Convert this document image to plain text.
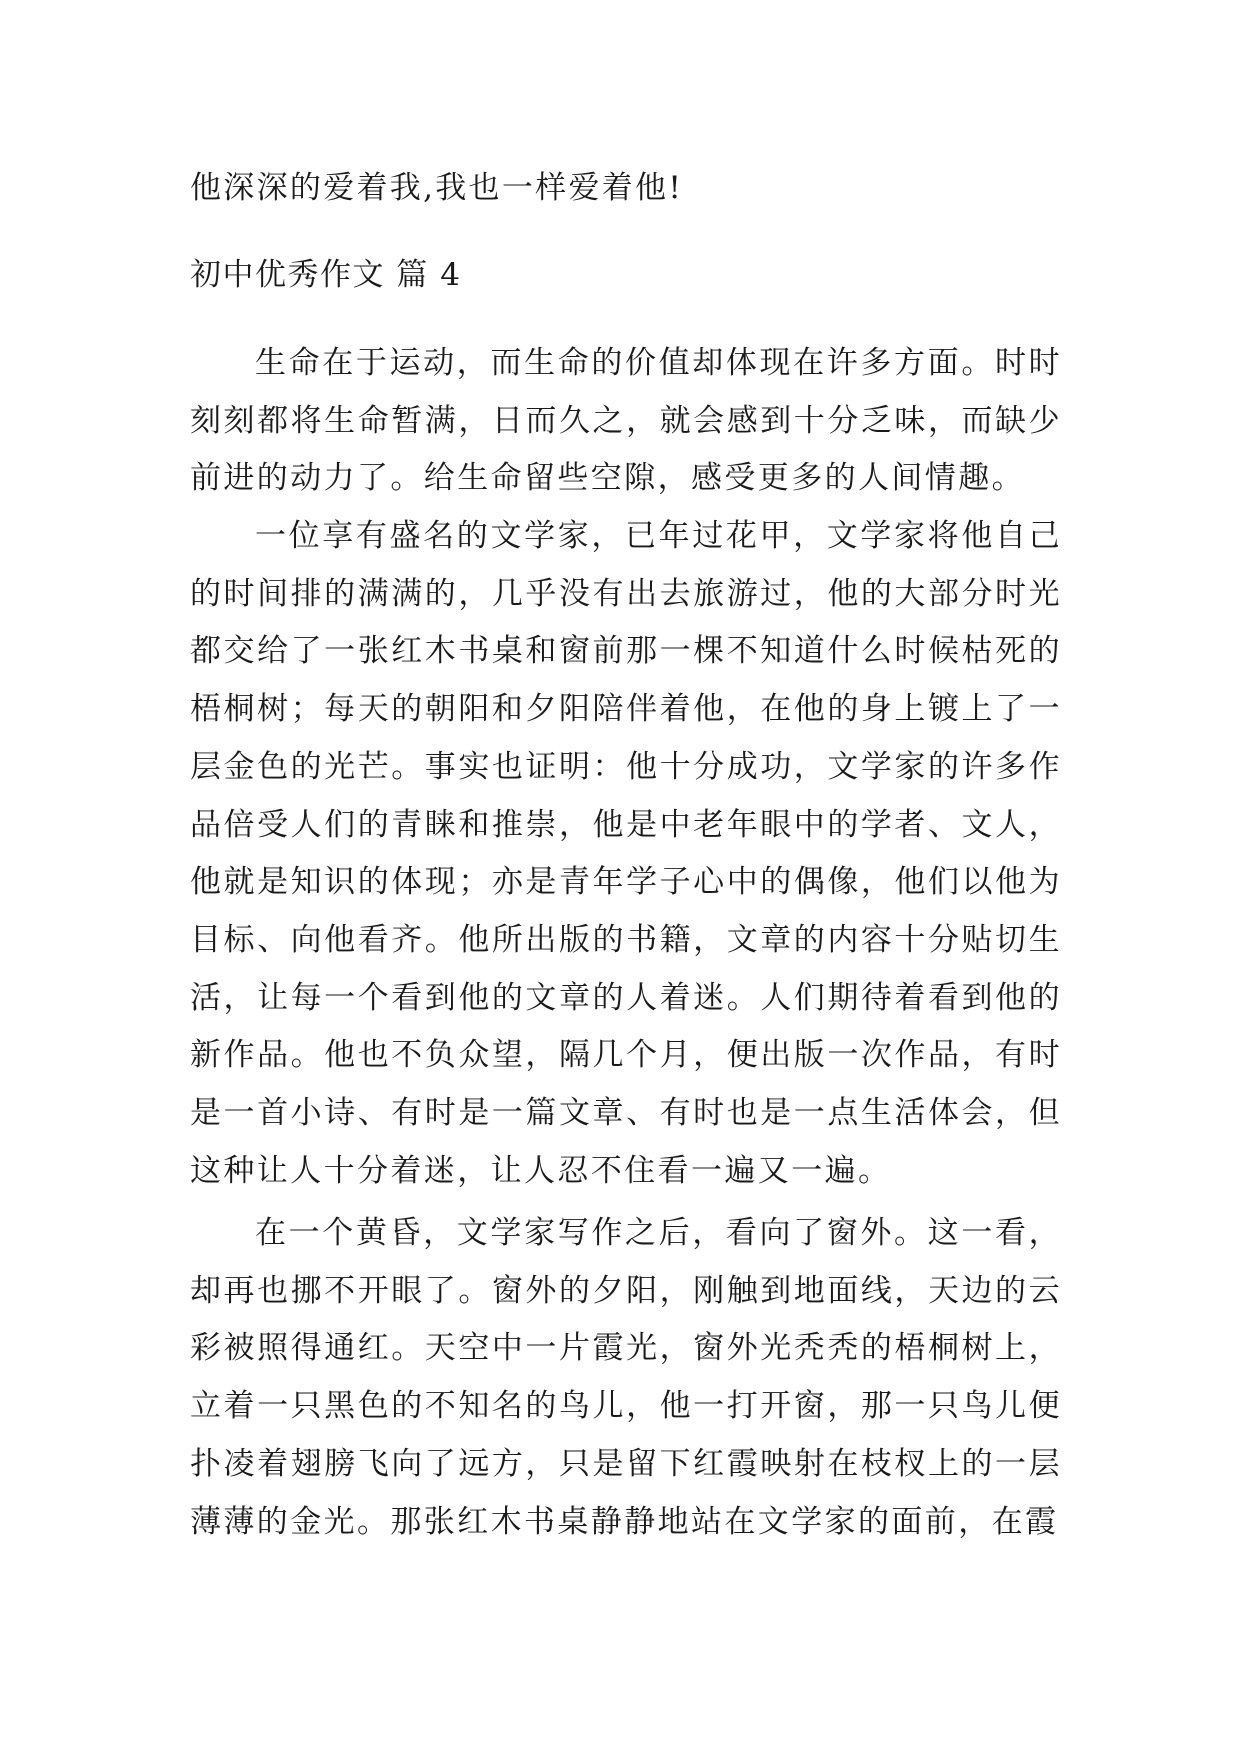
他深深的爱着我,我也一样爱着他!
初中优秀作文 篇 4

生命在于运动，而生命的价值却体现在许多方面。时时刻刻都将生命暂满，日而久之，就会感到十分乏味，而缺少前进的动力了。给生命留些空隙，感受更多的人间情趣。

一位享有盛名的文学家，已年过花甲，文学家将他自己的时间排的满满的，几乎没有出去旅游过，他的大部分时光都交给了一张红木书桌和窗前那一棵不知道什么时候枯死的梧桐树；每天的朝阳和夕阳陪伴着他，在他的身上镀上了一层金色的光芒。事实也证明：他十分成功，文学家的许多作品倍受人们的青睐和推崇，他是中老年眼中的学者、文人，他就是知识的体现；亦是青年学子心中的偶像，他们以他为目标、向他看齐。他所出版的书籍，文章的内容十分贴切生活，让每一个看到他的文章的人着迷。人们期待着看到他的新作品。他也不负众望，隔几个月，便出版一次作品，有时是一首小诗、有时是一篇文章、有时也是一点生活体会，但这种让人十分着迷，让人忍不住看一遍又一遍。

在一个黄昏，文学家写作之后，看向了窗外。这一看，却再也挪不开眼了。窗外的夕阳，刚触到地面线，天边的云彩被照得通红。天空中一片霞光，窗外光秃秃的梧桐树上，立着一只黑色的不知名的鸟儿，他一打开窗，那一只鸟儿便扑凌着翅膀飞向了远方，只是留下红霞映射在枝杈上的一层薄薄的金光。那张红木书桌静静地站在文学家的面前，在霞
